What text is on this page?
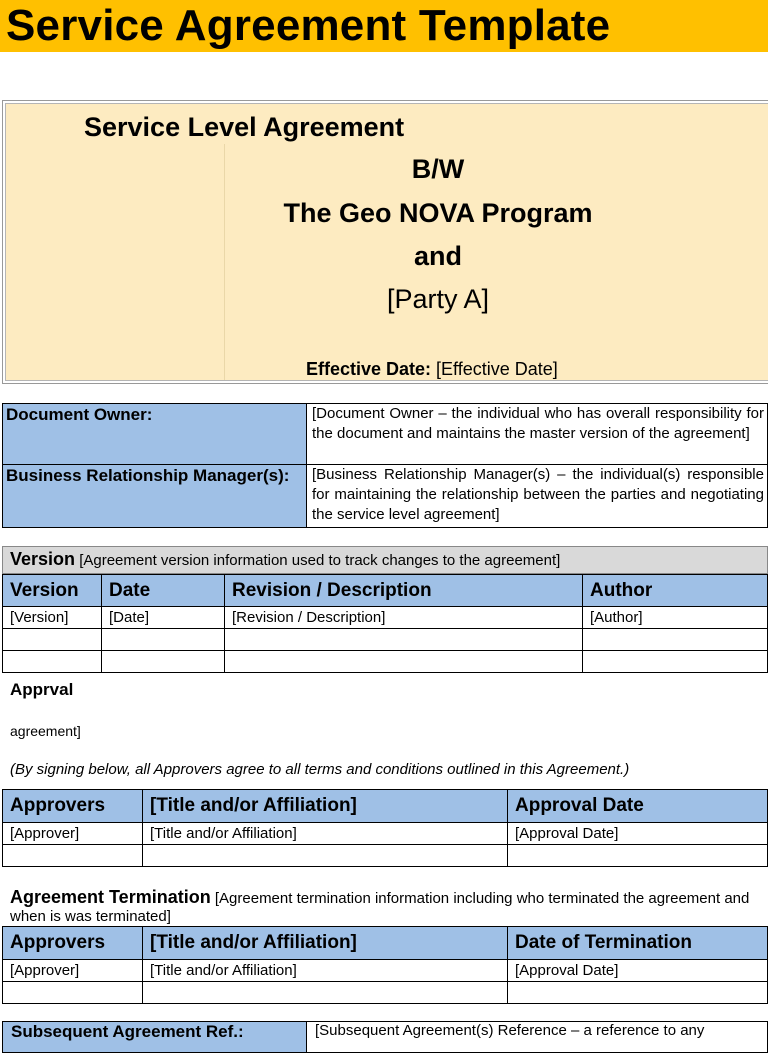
Service Agreement Template
Service Level Agreement
B/W
The Geo NOVA Program
and
[Party A]
Effective Date: [Effective Date]
Document Owner:	[Document Owner – the individual who has overall responsibility for the document and maintains the master version of the agreement]
Business Relationship Manager(s):	[Business Relationship Manager(s) – the individual(s) responsible for maintaining the relationship between the parties and negotiating the service level agreement]
Version [Agreement version information used to track changes to the agreement]
Version	Date	Revision / Description	Author
[Version]	[Date]	[Revision / Description]	[Author]

Apprval
agreement]
(By signing below, all Approvers agree to all terms and conditions outlined in this Agreement.)
Approvers	[Title and/or Affiliation]	Approval Date
[Approver]	[Title and/or Affiliation]	[Approval Date]

Agreement Termination [Agreement termination information including who terminated the agreement and when is was terminated]
Approvers	[Title and/or Affiliation]	Date of Termination
[Approver]	[Title and/or Affiliation]	[Approval Date]

Subsequent Agreement Ref.:	[Subsequent Agreement(s) Reference – a reference to any
